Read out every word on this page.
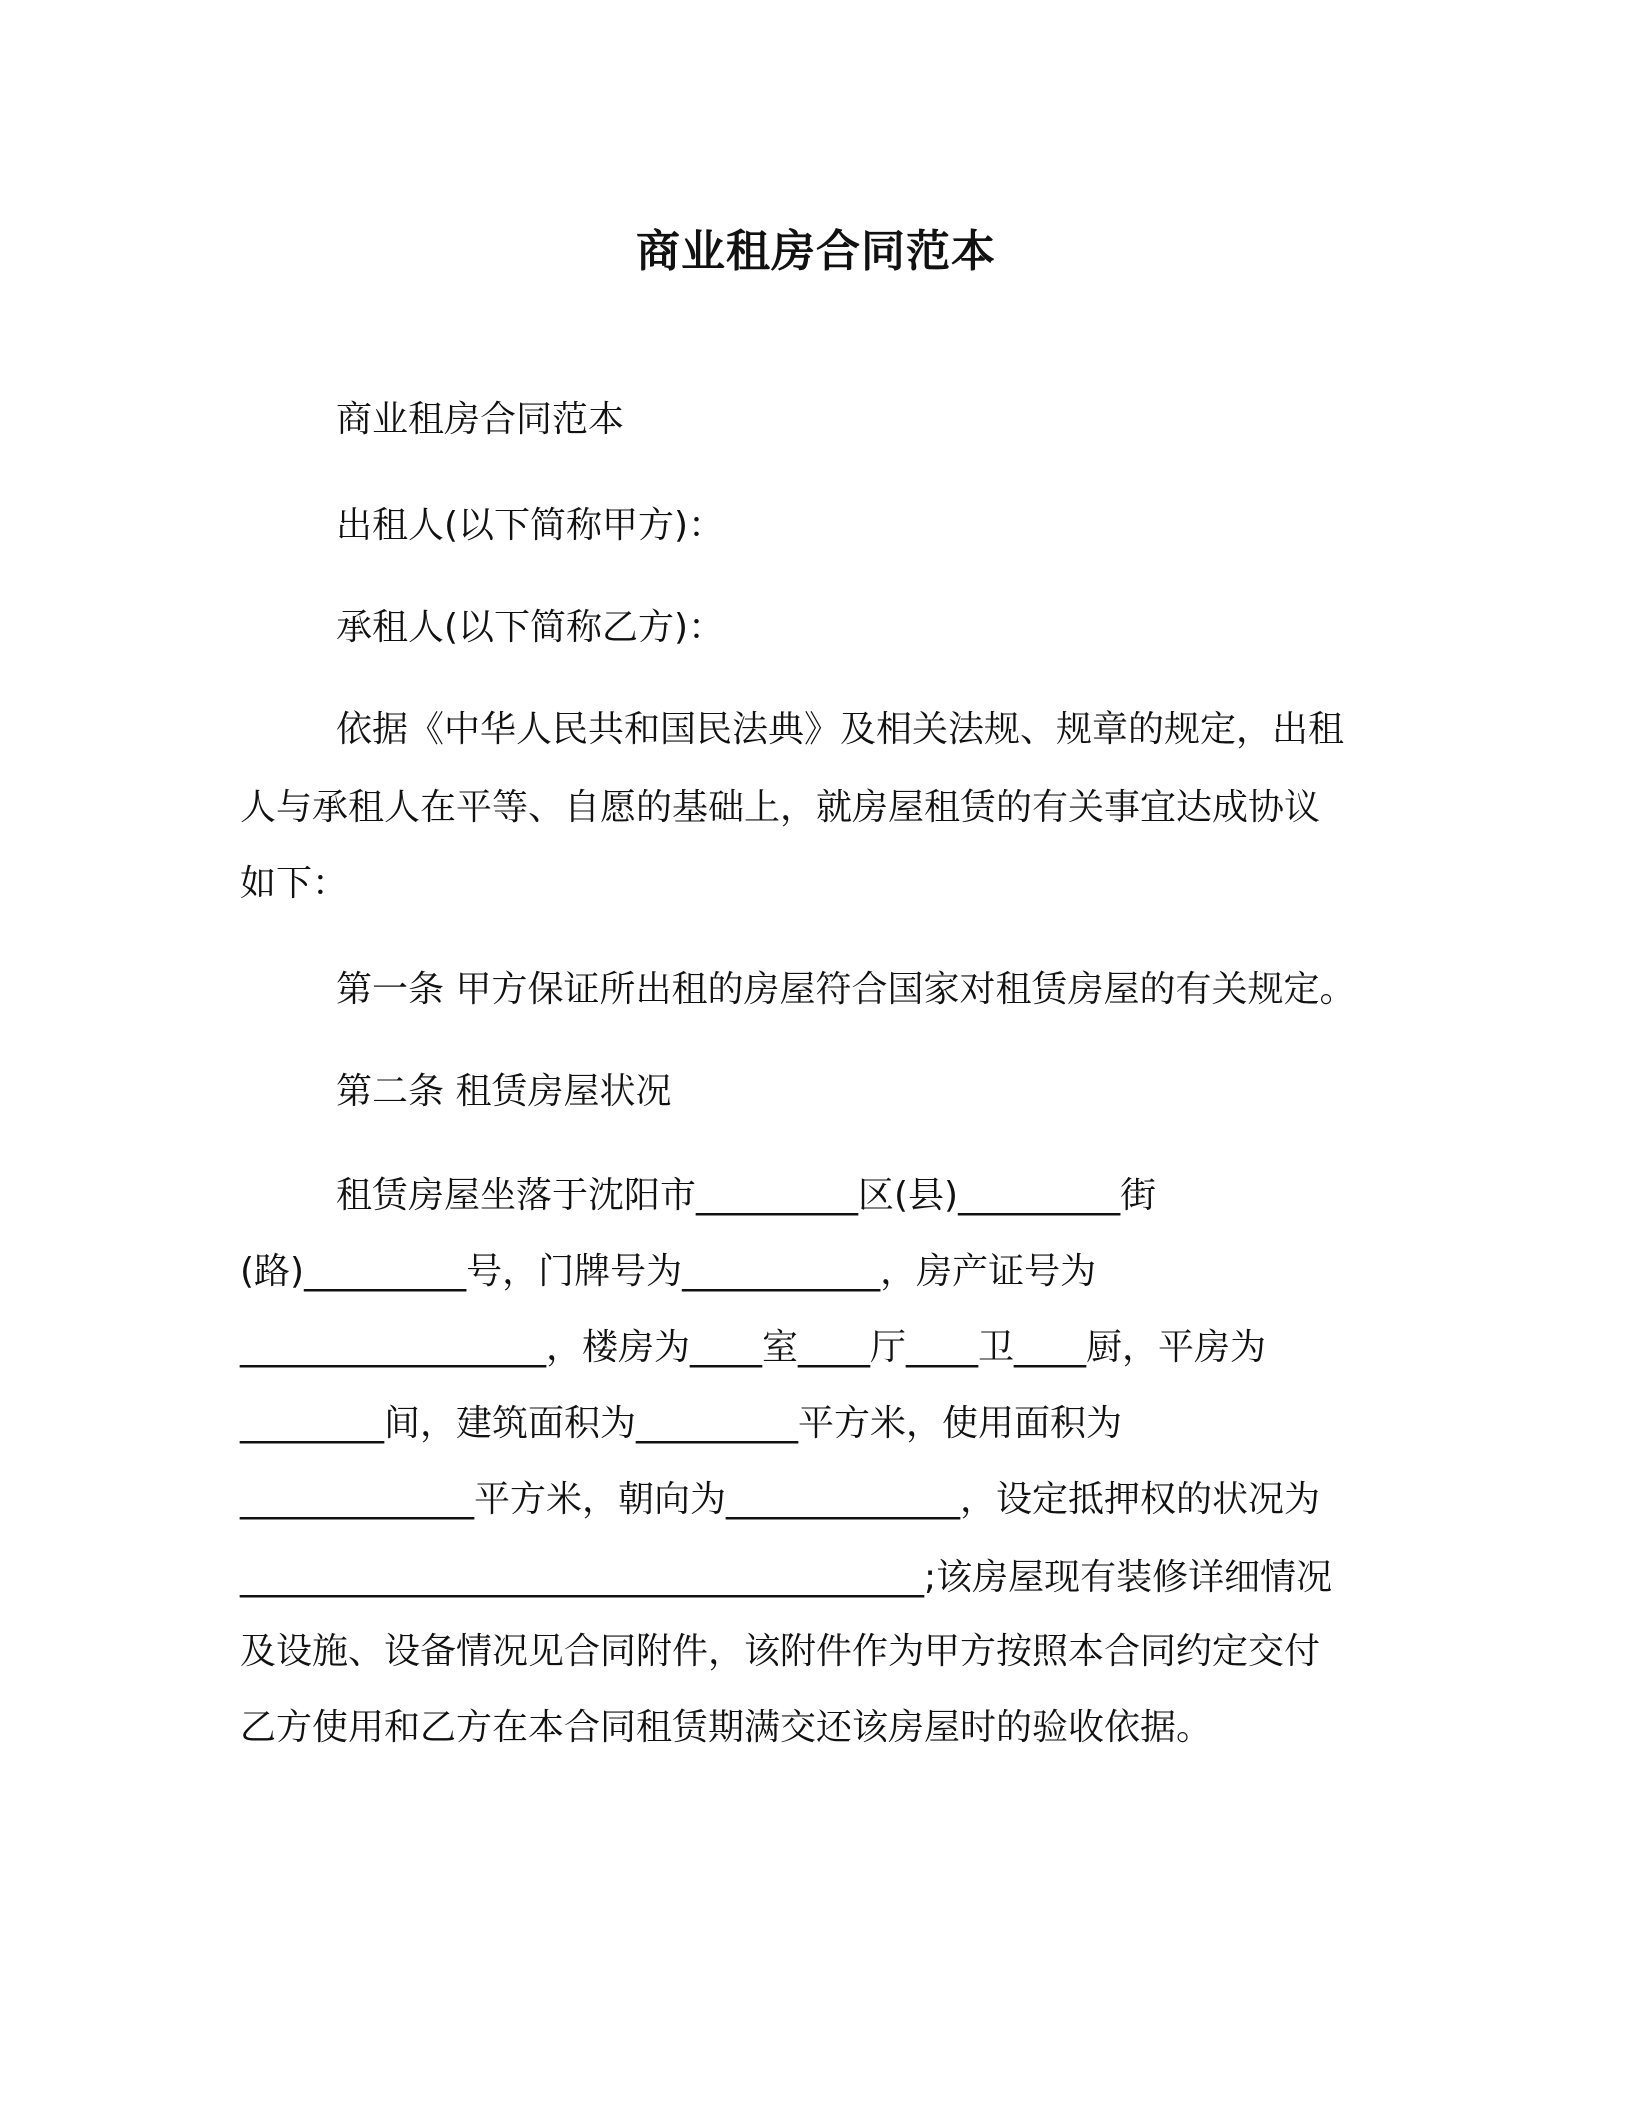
商业租房合同范本
商业租房合同范本
出租人(以下简称甲方)：
承租人(以下简称乙方)：
依据《中华人民共和国民法典》及相关法规、规章的规定，出租
人与承租人在平等、自愿的基础上，就房屋租赁的有关事宜达成协议
如下：
第一条 甲方保证所出租的房屋符合国家对租赁房屋的有关规定。
第二条 租赁房屋状况
租赁房屋坐落于沈阳市_________区(县)_________街
(路)_________号，门牌号为___________，房产证号为
_________________，楼房为____室____厅____卫____厨，平房为
________间，建筑面积为_________平方米，使用面积为
_____________平方米，朝向为_____________，设定抵押权的状况为
______________________________________;该房屋现有装修详细情况
及设施、设备情况见合同附件，该附件作为甲方按照本合同约定交付
乙方使用和乙方在本合同租赁期满交还该房屋时的验收依据。
